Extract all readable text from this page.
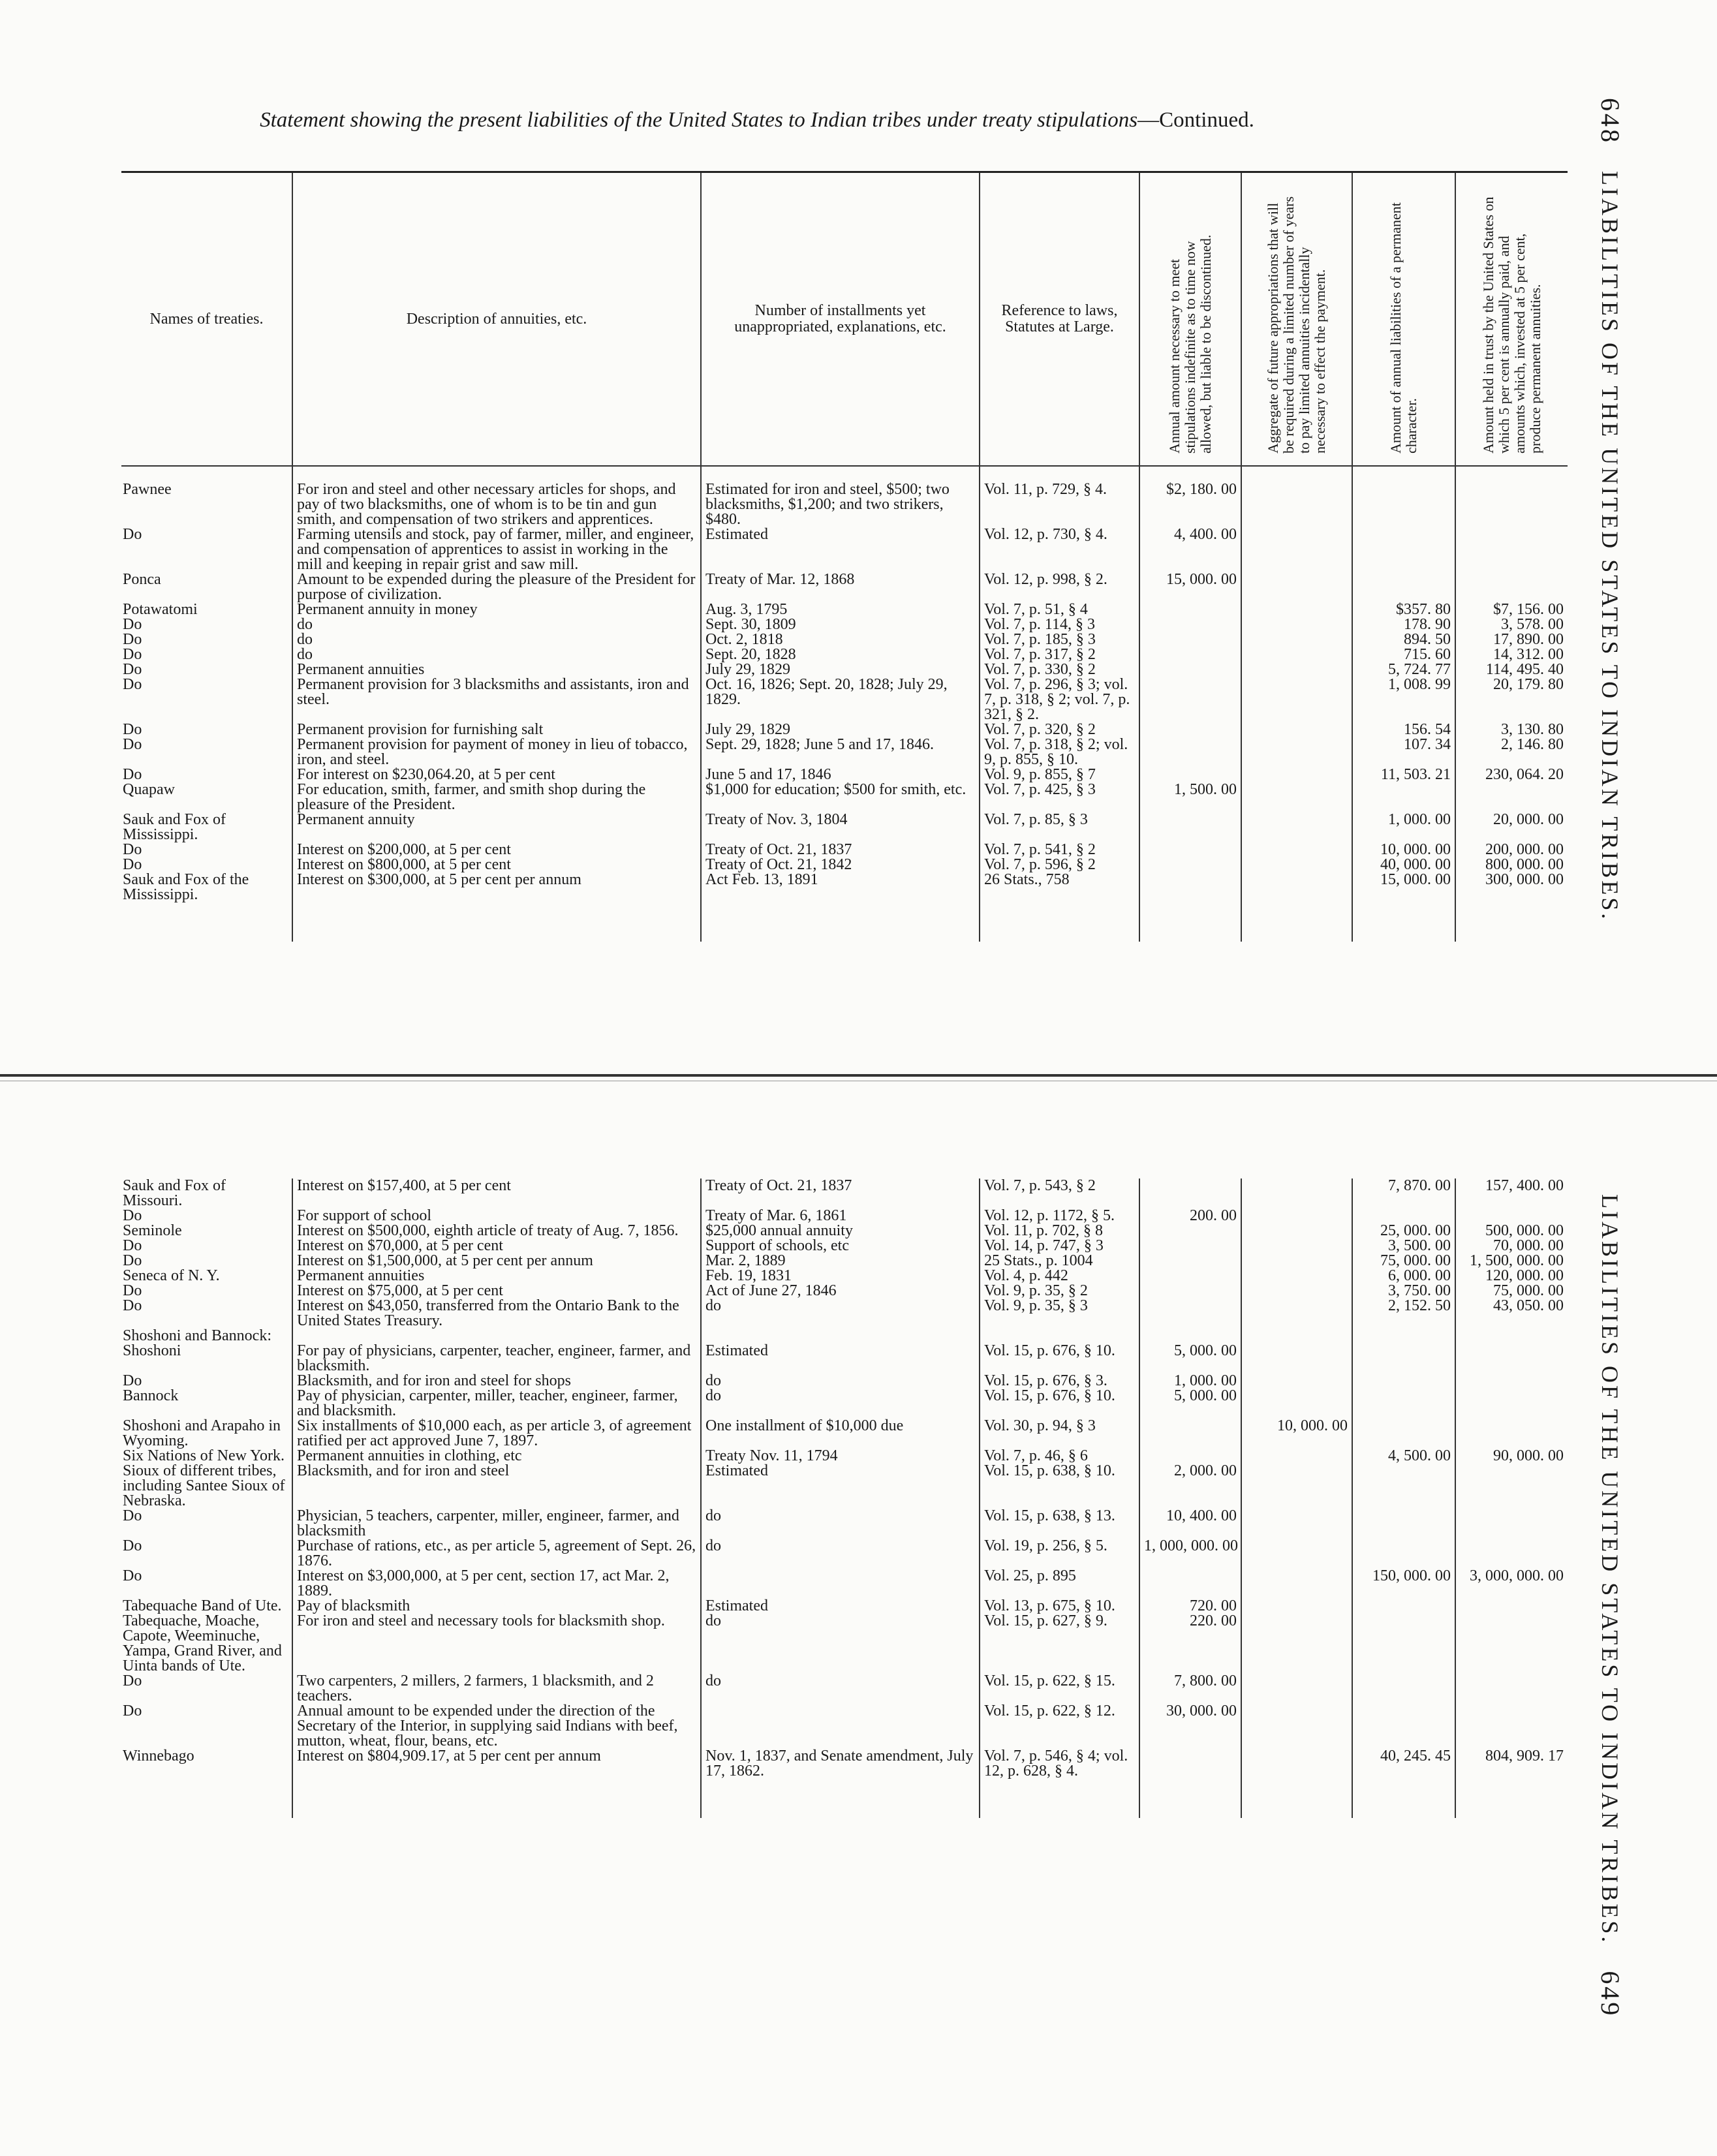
Statement showing the present liabilities of the United States to Indian tribes under treaty stipulations—Continued.	648LIABILITIES OF THE UNITED STATES TO INDIAN TRIBES.
LIABILITIES OF THE UNITED STATES TO INDIAN TRIBES.649
Names of treaties.	Description of annuities, etc.	Number of installments yet unappropriated, explanations, etc.	Reference to laws, Statutes at Large.	Annual amount necessary to meet stipulations indefinite as to time now allowed, but liable to be discontinued.	Aggregate of future appropriations that will be required during a limited number of years to pay limited annuities incidentally necessary to effect the payment.	Amount of annual liabilities of a permanent character.	Amount held in trust by the United States on which 5 per cent is annually paid, and amounts which, invested at 5 per cent, produce permanent annuities.

Pawnee	For iron and steel and other necessary articles for shops, and pay of two blacksmiths, one of whom is to be tin and gun smith, and compensation of two strikers and apprentices.	Estimated for iron and steel, $500; two blacksmiths, $1,200; and two strikers, $480.	Vol. 11, p. 729, § 4.	$2, 180. 00			
Do	Farming utensils and stock, pay of farmer, miller, and engineer, and compensation of apprentices to assist in working in the mill and keeping in repair grist and saw mill.	Estimated	Vol. 12, p. 730, § 4.	4, 400. 00			
Ponca	Amount to be expended during the pleasure of the President for purpose of civilization.	Treaty of Mar. 12, 1868	Vol. 12, p. 998, § 2.	15, 000. 00			
Potawatomi	Permanent annuity in money	Aug. 3, 1795	Vol. 7, p. 51, § 4			$357. 80	$7, 156. 00
Do	do	Sept. 30, 1809	Vol. 7, p. 114, § 3			178. 90	3, 578. 00
Do	do	Oct. 2, 1818	Vol. 7, p. 185, § 3			894. 50	17, 890. 00
Do	do	Sept. 20, 1828	Vol. 7, p. 317, § 2			715. 60	14, 312. 00
Do	Permanent annuities	July 29, 1829	Vol. 7, p. 330, § 2			5, 724. 77	114, 495. 40
Do	Permanent provision for 3 blacksmiths and assistants, iron and steel.	Oct. 16, 1826; Sept. 20, 1828; July 29, 1829.	Vol. 7, p. 296, § 3; vol. 7, p. 318, § 2; vol. 7, p. 321, § 2.			1, 008. 99	20, 179. 80
Do	Permanent provision for furnishing salt	July 29, 1829	Vol. 7, p. 320, § 2			156. 54	3, 130. 80
Do	Permanent provision for payment of money in lieu of tobacco, iron, and steel.	Sept. 29, 1828; June 5 and 17, 1846.	Vol. 7, p. 318, § 2; vol. 9, p. 855, § 10.			107. 34	2, 146. 80
Do	For interest on $230,064.20, at 5 per cent	June 5 and 17, 1846	Vol. 9, p. 855, § 7			11, 503. 21	230, 064. 20
Quapaw	For education, smith, farmer, and smith shop during the pleasure of the President.	$1,000 for education; $500 for smith, etc.	Vol. 7, p. 425, § 3	1, 500. 00			
Sauk and Fox of Mississippi.	Permanent annuity	Treaty of Nov. 3, 1804	Vol. 7, p. 85, § 3			1, 000. 00	20, 000. 00
Do	Interest on $200,000, at 5 per cent	Treaty of Oct. 21, 1837	Vol. 7, p. 541, § 2			10, 000. 00	200, 000. 00
Do	Interest on $800,000, at 5 per cent	Treaty of Oct. 21, 1842	Vol. 7, p. 596, § 2			40, 000. 00	800, 000. 00
Sauk and Fox of the Mississippi.	Interest on $300,000, at 5 per cent per annum	Act Feb. 13, 1891	26 Stats., 758			15, 000. 00	300, 000. 00

Sauk and Fox of Missouri.	Interest on $157,400, at 5 per cent	Treaty of Oct. 21, 1837	Vol. 7, p. 543, § 2			7, 870. 00	157, 400. 00
Do	For support of school	Treaty of Mar. 6, 1861	Vol. 12, p. 1172, § 5.	200. 00			
Seminole	Interest on $500,000, eighth article of treaty of Aug. 7, 1856.	$25,000 annual annuity	Vol. 11, p. 702, § 8			25, 000. 00	500, 000. 00
Do	Interest on $70,000, at 5 per cent	Support of schools, etc	Vol. 14, p. 747, § 3			3, 500. 00	70, 000. 00
Do	Interest on $1,500,000, at 5 per cent per annum	Mar. 2, 1889	25 Stats., p. 1004			75, 000. 00	1, 500, 000. 00
Seneca of N. Y.	Permanent annuities	Feb. 19, 1831	Vol. 4, p. 442			6, 000. 00	120, 000. 00
Do	Interest on $75,000, at 5 per cent	Act of June 27, 1846	Vol. 9, p. 35, § 2			3, 750. 00	75, 000. 00
Do	Interest on $43,050, transferred from the Ontario Bank to the United States Treasury.	do	Vol. 9, p. 35, § 3			2, 152. 50	43, 050. 00
Shoshoni and Bannock:							
Shoshoni	For pay of physicians, carpenter, teacher, engineer, farmer, and blacksmith.	Estimated	Vol. 15, p. 676, § 10.	5, 000. 00			
Do	Blacksmith, and for iron and steel for shops	do	Vol. 15, p. 676, § 3.	1, 000. 00			
Bannock	Pay of physician, carpenter, miller, teacher, engineer, farmer, and blacksmith.	do	Vol. 15, p. 676, § 10.	5, 000. 00			
Shoshoni and Arapaho in Wyoming.	Six installments of $10,000 each, as per article 3, of agreement ratified per act approved June 7, 1897.	One installment of $10,000 due	Vol. 30, p. 94, § 3		10, 000. 00		
Six Nations of New York.	Permanent annuities in clothing, etc	Treaty Nov. 11, 1794	Vol. 7, p. 46, § 6			4, 500. 00	90, 000. 00
Sioux of different tribes, including Santee Sioux of Nebraska.	Blacksmith, and for iron and steel	Estimated	Vol. 15, p. 638, § 10.	2, 000. 00			
Do	Physician, 5 teachers, carpenter, miller, engineer, farmer, and blacksmith	do	Vol. 15, p. 638, § 13.	10, 400. 00			
Do	Purchase of rations, etc., as per article 5, agreement of Sept. 26, 1876.	do	Vol. 19, p. 256, § 5.	1, 000, 000. 00			
Do	Interest on $3,000,000, at 5 per cent, section 17, act Mar. 2, 1889.		Vol. 25, p. 895			150, 000. 00	3, 000, 000. 00
Tabequache Band of Ute.	Pay of blacksmith	Estimated	Vol. 13, p. 675, § 10.	720. 00			
Tabequache, Moache, Capote, Weeminuche, Yampa, Grand River, and Uinta bands of Ute.	For iron and steel and necessary tools for blacksmith shop.	do	Vol. 15, p. 627, § 9.	220. 00			
Do	Two carpenters, 2 millers, 2 farmers, 1 blacksmith, and 2 teachers.	do	Vol. 15, p. 622, § 15.	7, 800. 00			
Do	Annual amount to be expended under the direction of the Secretary of the Interior, in supplying said Indians with beef, mutton, wheat, flour, beans, etc.		Vol. 15, p. 622, § 12.	30, 000. 00			
Winnebago	Interest on $804,909.17, at 5 per cent per annum	Nov. 1, 1837, and Senate amendment, July 17, 1862.	Vol. 7, p. 546, § 4; vol. 12, p. 628, § 4.			40, 245. 45	804, 909. 17
